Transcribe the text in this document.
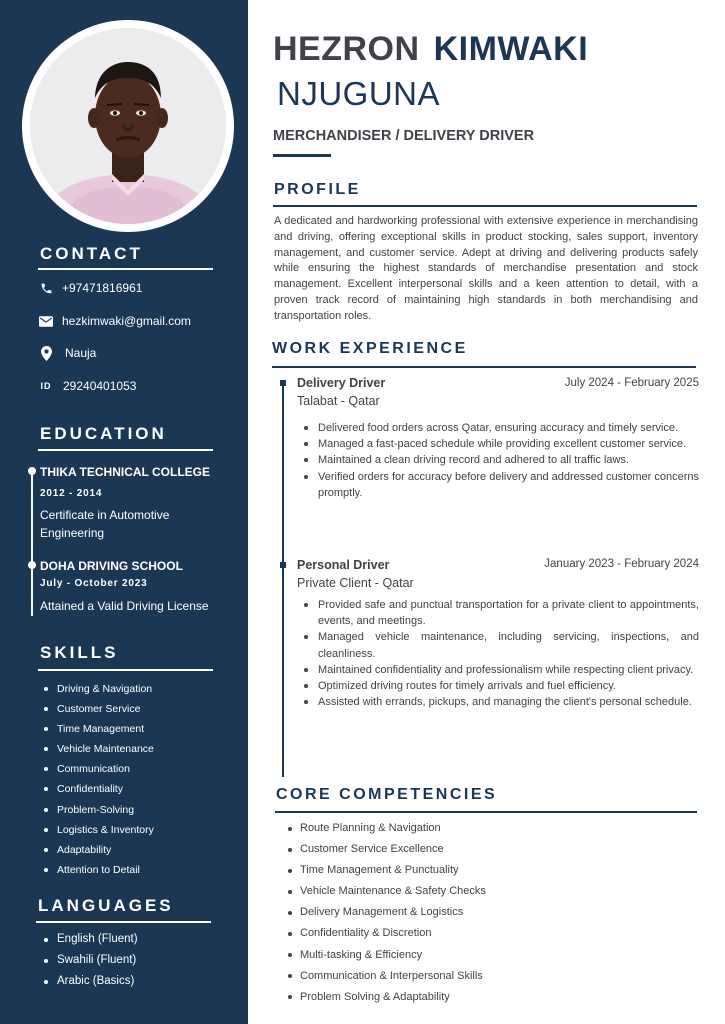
CONTACT
+97471816961
hezkimwaki@gmail.com
Nauja
ID 29240401053
EDUCATION
THIKA TECHNICAL COLLEGE
2012 - 2014
Certificate in Automotive Engineering
DOHA DRIVING SCHOOL
July - October 2023
Attained a Valid Driving License
SKILLS
Driving & Navigation
Customer Service
Time Management
Vehicle Maintenance
Communication
Confidentiality
Problem-Solving
Logistics & Inventory
Adaptability
Attention to Detail
LANGUAGES
English (Fluent)
Swahili (Fluent)
Arabic (Basics)
HEZRON KIMWAKI
NJUGUNA
MERCHANDISER / DELIVERY DRIVER
PROFILE
A dedicated and hardworking professional with extensive experience in merchandising and driving, offering exceptional skills in product stocking, sales support, inventory management, and customer service. Adept at driving and delivering products safely while ensuring the highest standards of merchandise presentation and stock management. Excellent interpersonal skills and a keen attention to detail, with a proven track record of maintaining high standards in both merchandising and transportation roles.
WORK EXPERIENCE
Delivery Driver	July 2024 - February 2025
Talabat - Qatar
Delivered food orders across Qatar, ensuring accuracy and timely service.
Managed a fast-paced schedule while providing excellent customer service.
Maintained a clean driving record and adhered to all traffic laws.
Verified orders for accuracy before delivery and addressed customer concerns promptly.
Personal Driver	January 2023 - February 2024
Private Client - Qatar
Provided safe and punctual transportation for a private client to appointments, events, and meetings.
Managed vehicle maintenance, including servicing, inspections, and cleanliness.
Maintained confidentiality and professionalism while respecting client privacy.
Optimized driving routes for timely arrivals and fuel efficiency.
Assisted with errands, pickups, and managing the client's personal schedule.
CORE COMPETENCIES
Route Planning & Navigation
Customer Service Excellence
Time Management & Punctuality
Vehicle Maintenance & Safety Checks
Delivery Management & Logistics
Confidentiality & Discretion
Multi-tasking & Efficiency
Communication & Interpersonal Skills
Problem Solving & Adaptability
